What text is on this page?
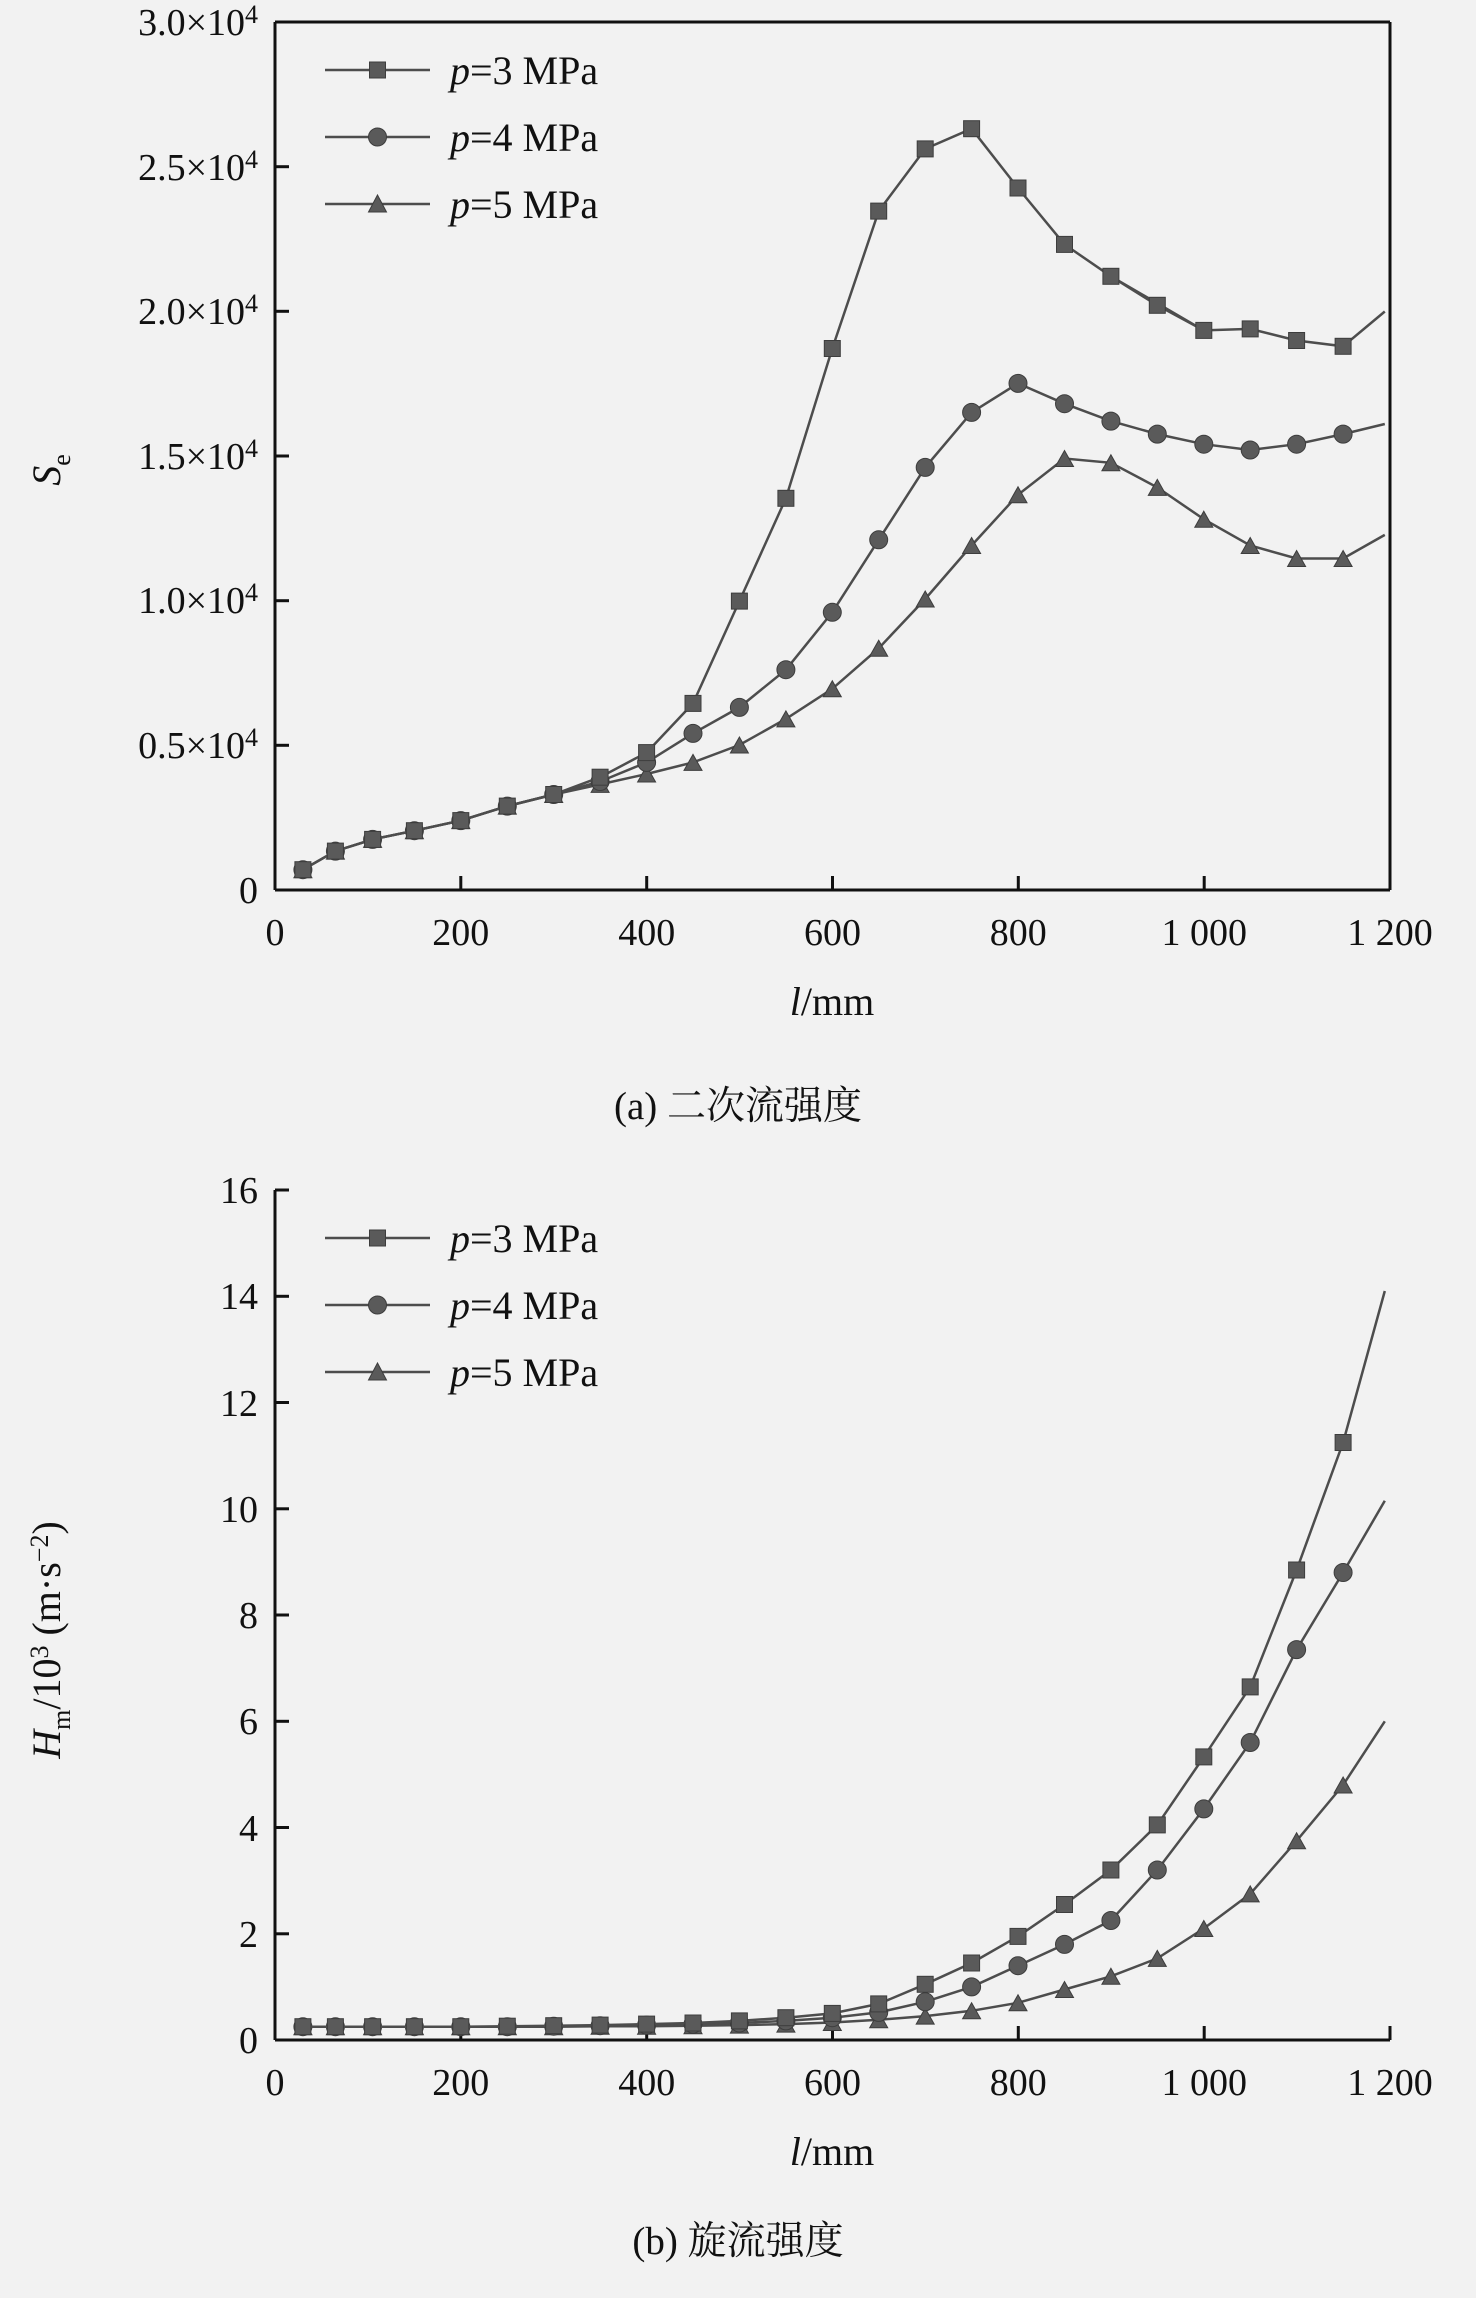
0
$0.5\times 10^4$
$1.0\times 10^4$
$1.5\times 10^4$
$2.0\times 10^4$
$2.5\times 10^4$
$3.0\times 10^4$
0	200	400	600	800	1 000	1 200
$S_e$
l/mm
p=3 MPa
p=4 MPa
p=5 MPa
(a) 二次流强度
0
2
4
6
8
10
12
14
16
0	200	400	600	800	1 000	1 200
$H_m/10^3$ $(m\cdot s^{-2})$
l/mm
p=3 MPa
p=4 MPa
p=5 MPa
(b) 旋流强度
